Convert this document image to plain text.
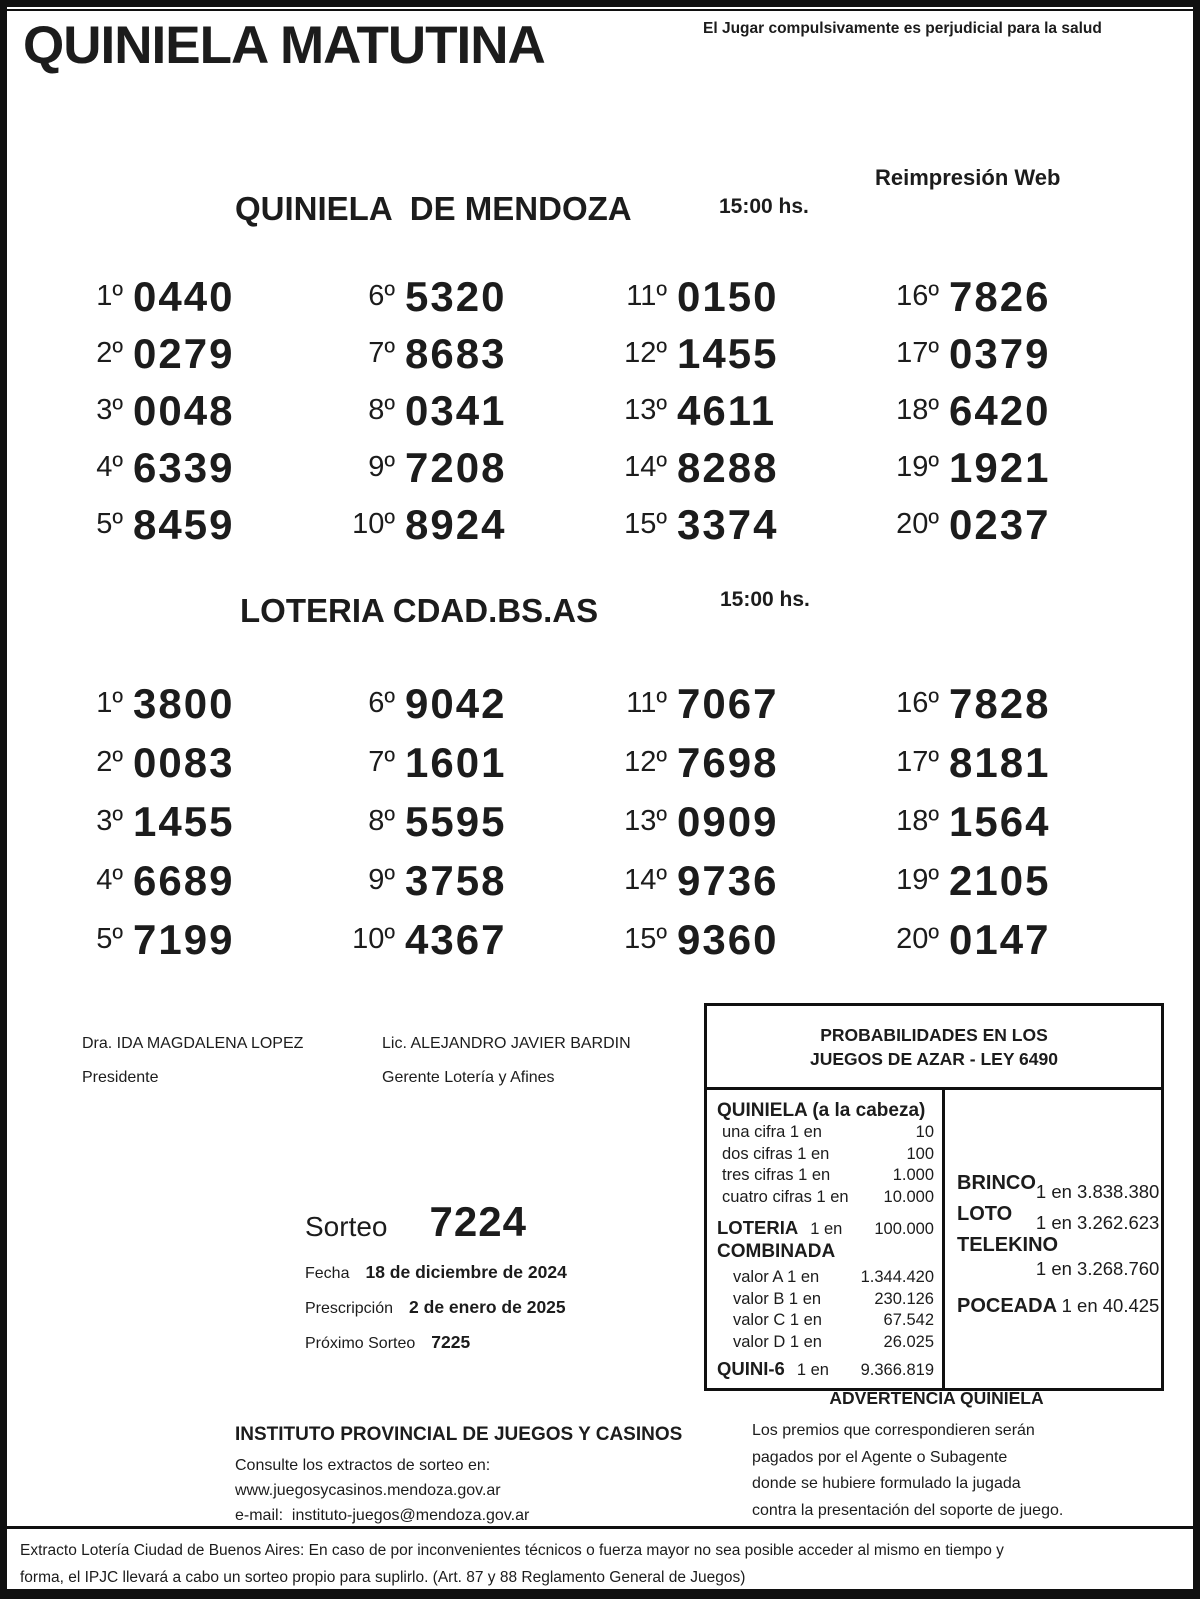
QUINIELA MATUTINA	El Jugar compulsivamente es perjudicial para la salud
Reimpresión Web
QUINIELA  DE MENDOZA	15:00 hs.
1º 0440
2º 0279
3º 0048
4º 6339
5º 8459
6º 5320
7º 8683
8º 0341
9º 7208
10º 8924
11º 0150
12º 1455
13º 4611
14º 8288
15º 3374
16º 7826
17º 0379
18º 6420
19º 1921
20º 0237
LOTERIA CDAD.BS.AS	15:00 hs.
1º 3800
2º 0083
3º 1455
4º 6689
5º 7199
6º 9042
7º 1601
8º 5595
9º 3758
10º 4367
11º 7067
12º 7698
13º 0909
14º 9736
15º 9360
16º 7828
17º 8181
18º 1564
19º 2105
20º 0147
Dra. IDA MAGDALENA LOPEZ
Presidente
Lic. ALEJANDRO JAVIER BARDIN
Gerente Lotería y Afines
Sorteo 7224
Fecha 18 de diciembre de 2024
Prescripción 2 de enero de 2025
Próximo Sorteo 7225
PROBABILIDADES EN LOS
JUEGOS DE AZAR - LEY 6490
QUINIELA (a la cabeza)
una cifra 1 en	10
dos cifras 1 en	100
tres cifras 1 en	1.000
cuatro cifras 1 en 10.000
LOTERIA 1 en 100.000
COMBINADA
valor A 1 en	1.344.420
valor B 1 en	230.126
valor C 1 en	67.542
valor D 1 en	26.025
QUINI-6 1 en 9.366.819
BRINCO 1 en 3.838.380
LOTO 1 en 3.262.623
TELEKINO
1 en 3.268.760
POCEADA 1 en 40.425
ADVERTENCIA QUINIELA
Los premios que correspondieren serán
pagados por el Agente o Subagente
donde se hubiere formulado la jugada
contra la presentación del soporte de juego.
INSTITUTO PROVINCIAL DE JUEGOS Y CASINOS
Consulte los extractos de sorteo en:
www.juegosycasinos.mendoza.gov.ar
e-mail:  instituto-juegos@mendoza.gov.ar
Extracto Lotería Ciudad de Buenos Aires: En caso de por inconvenientes técnicos o fuerza mayor no sea posible acceder al mismo en tiempo y
forma, el IPJC llevará a cabo un sorteo propio para suplirlo. (Art. 87 y 88 Reglamento General de Juegos)
